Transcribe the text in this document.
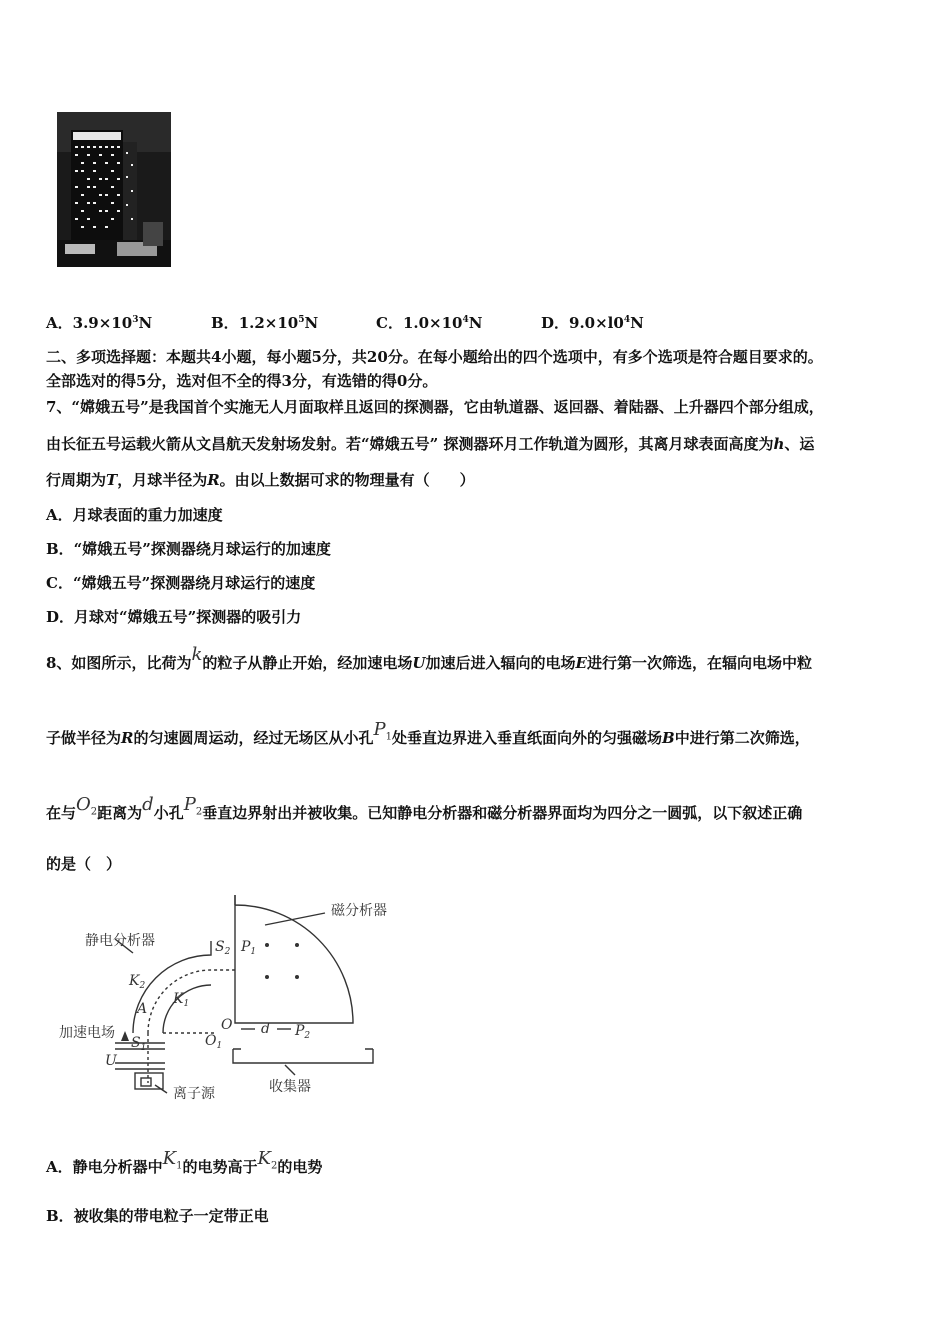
A．$3.9\times 10^3N$	B．$1.2\times 10^5N$	C．$1.0\times 10^4N$	D．$9.0\times l0^4N$
二、多项选择题：本题共4小题，每小题5分，共20分。在每小题给出的四个选项中，有多个选项是符合题目要求的。
全部选对的得5分，选对但不全的得3分，有选错的得0分。
7、“嫦娥五号”是我国首个实施无人月面取样且返回的探测器，它由轨道器、返回器、着陆器、上升器四个部分组成，
由长征五号运载火箭从文昌航天发射场发射。若“嫦娥五号” 探测器环月工作轨道为圆形，其离月球表面高度为h、运
行周期为T，月球半径为R。由以上数据可求的物理量有（　　）
A．月球表面的重力加速度
B．“嫦娥五号”探测器绕月球运行的加速度
C．“嫦娥五号”探测器绕月球运行的速度
D．月球对“嫦娥五号”探测器的吸引力
8、如图所示，比荷为k的粒子从静止开始，经加速电场U加速后进入辐向的电场E进行第一次筛选，在辐向电场中粒
子做半径为R的匀速圆周运动，经过无场区从小孔$P_1$处垂直边界进入垂直纸面向外的匀强磁场B中进行第二次筛选，
在与$O_2$距离为d小孔$P_2$垂直边界射出并被收集。已知静电分析器和磁分析器界面均为四分之一圆弧，以下叙述正确
的是（　）
磁分析器
静电分析器
加速电场
离子源	收集器
$S_2$
$S_1$
$P_1$
$P_2$
$K_2$
$K_1$
A
O
$O_1$
d
U
A．静电分析器中$K_1$的电势高于$K_2$的电势
B．被收集的带电粒子一定带正电
